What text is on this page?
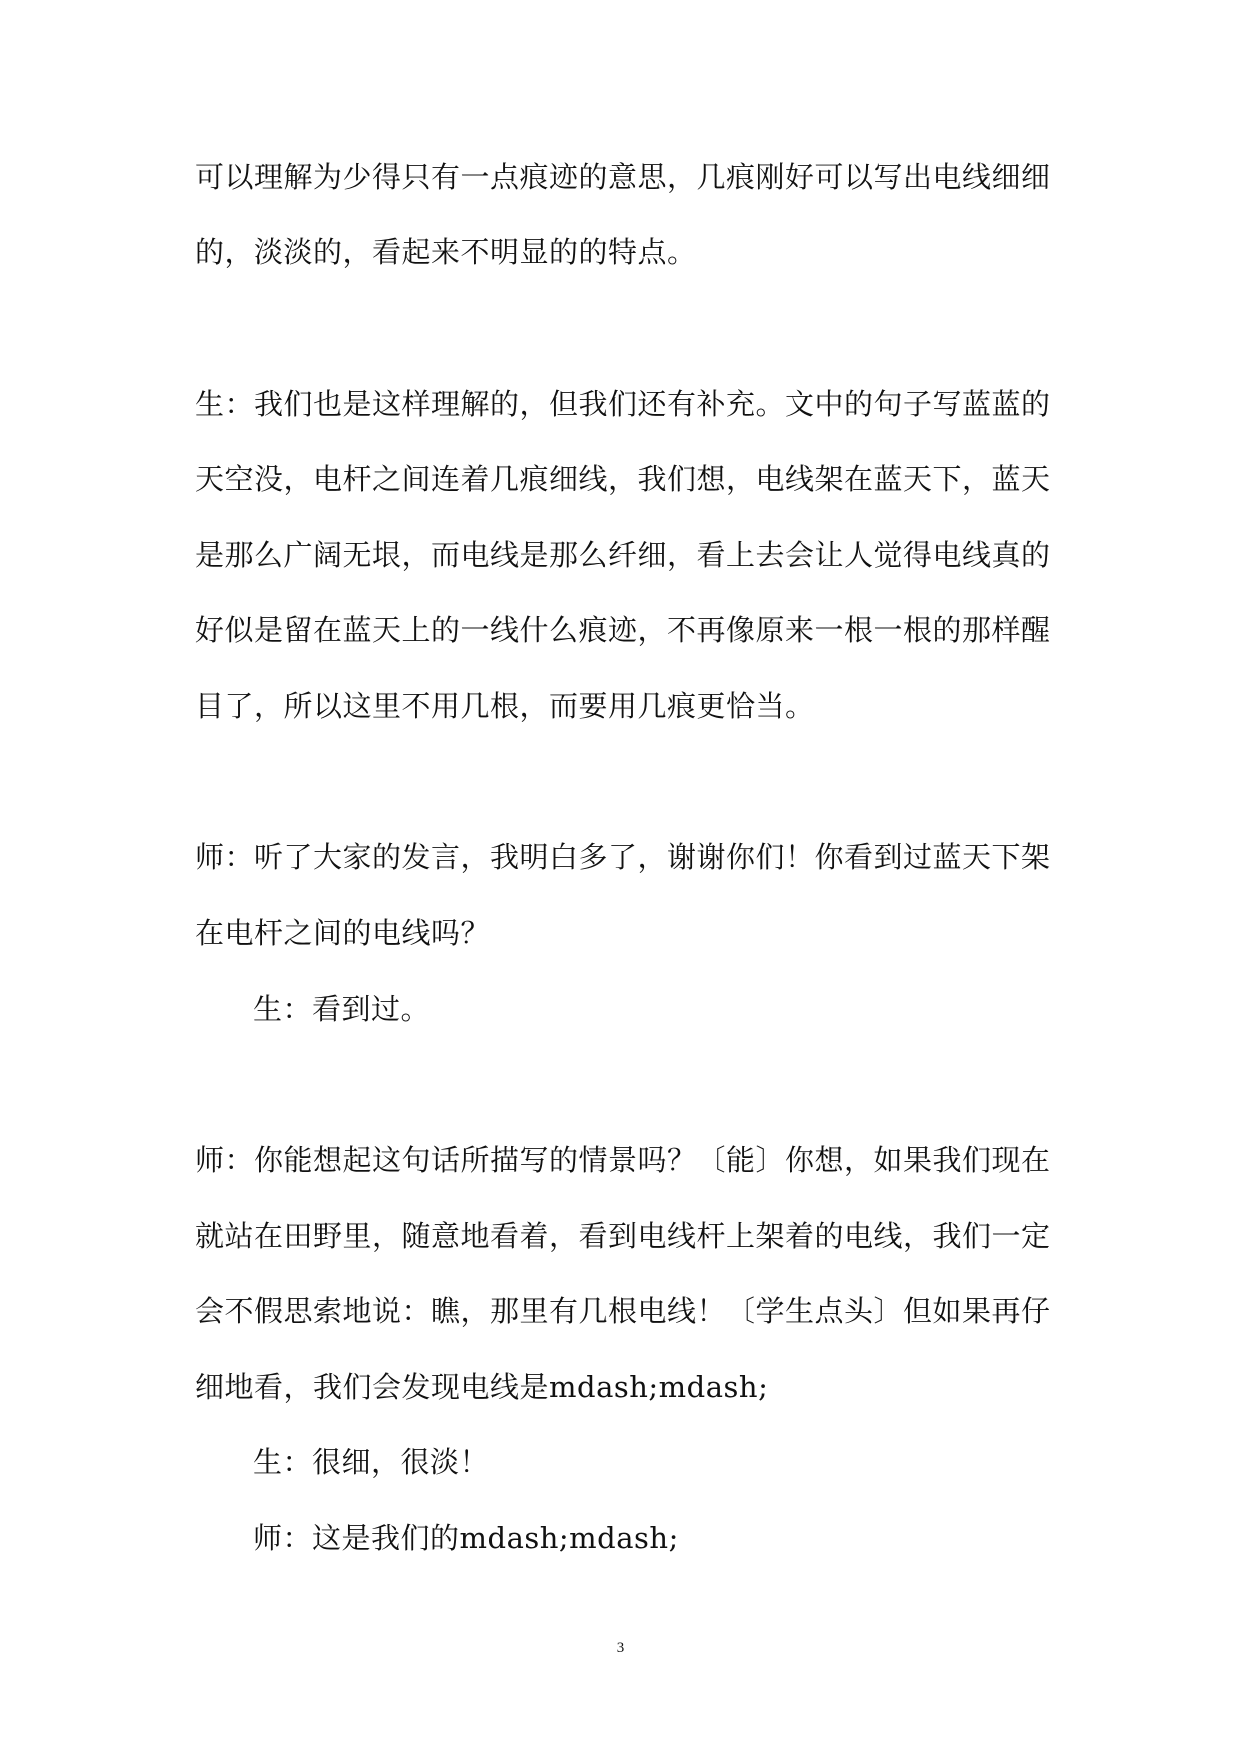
可以理解为少得只有一点痕迹的意思，几痕刚好可以写出电线细细
的，淡淡的，看起来不明显的的特点。
生：我们也是这样理解的，但我们还有补充。文中的句子写蓝蓝的
天空没，电杆之间连着几痕细线，我们想，电线架在蓝天下，蓝天
是那么广阔无垠，而电线是那么纤细，看上去会让人觉得电线真的
好似是留在蓝天上的一线什么痕迹，不再像原来一根一根的那样醒
目了，所以这里不用几根，而要用几痕更恰当。
师：听了大家的发言，我明白多了，谢谢你们！你看到过蓝天下架
在电杆之间的电线吗？
生：看到过。
师：你能想起这句话所描写的情景吗？〔能〕你想，如果我们现在
就站在田野里，随意地看着，看到电线杆上架着的电线，我们一定
会不假思索地说：瞧，那里有几根电线！〔学生点头〕但如果再仔
细地看，我们会发现电线是mdash;mdash;
生：很细，很淡！
师：这是我们的mdash;mdash;
3
